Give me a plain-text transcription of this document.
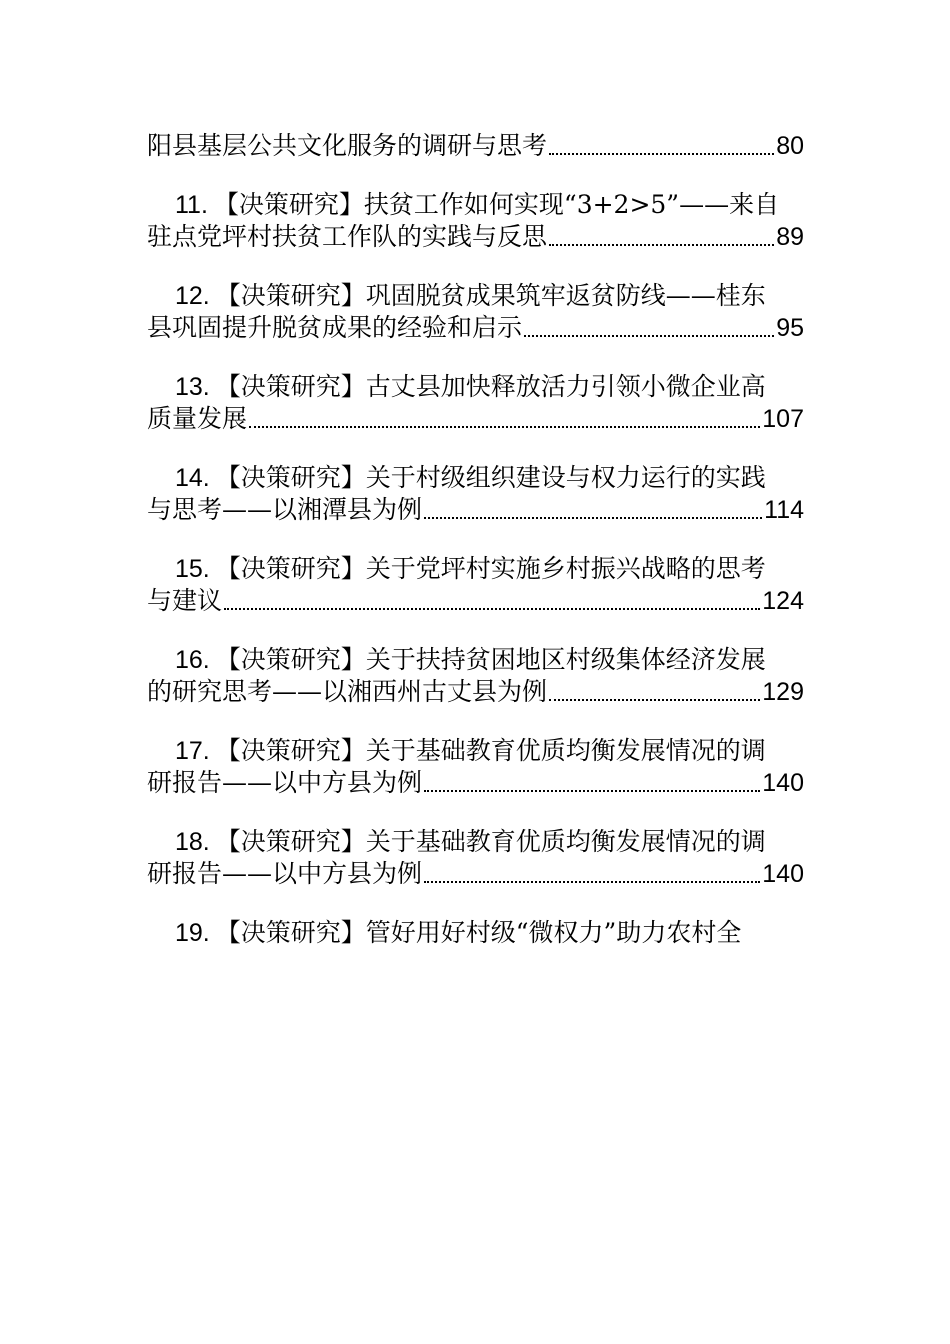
阳县基层公共文化服务的调研与思考	80
11. 【决策研究】扶贫工作如何实现“3+2>5”——来自
驻点党坪村扶贫工作队的实践与反思	89
12. 【决策研究】巩固脱贫成果筑牢返贫防线——桂东
县巩固提升脱贫成果的经验和启示	95
13. 【决策研究】古丈县加快释放活力引领小微企业高
质量发展	107
14. 【决策研究】关于村级组织建设与权力运行的实践
与思考——以湘潭县为例	114
15. 【决策研究】关于党坪村实施乡村振兴战略的思考
与建议	124
16. 【决策研究】关于扶持贫困地区村级集体经济发展
的研究思考——以湘西州古丈县为例	129
17. 【决策研究】关于基础教育优质均衡发展情况的调
研报告——以中方县为例	140
18. 【决策研究】关于基础教育优质均衡发展情况的调
研报告——以中方县为例	140
19. 【决策研究】管好用好村级“微权力”助力农村全
